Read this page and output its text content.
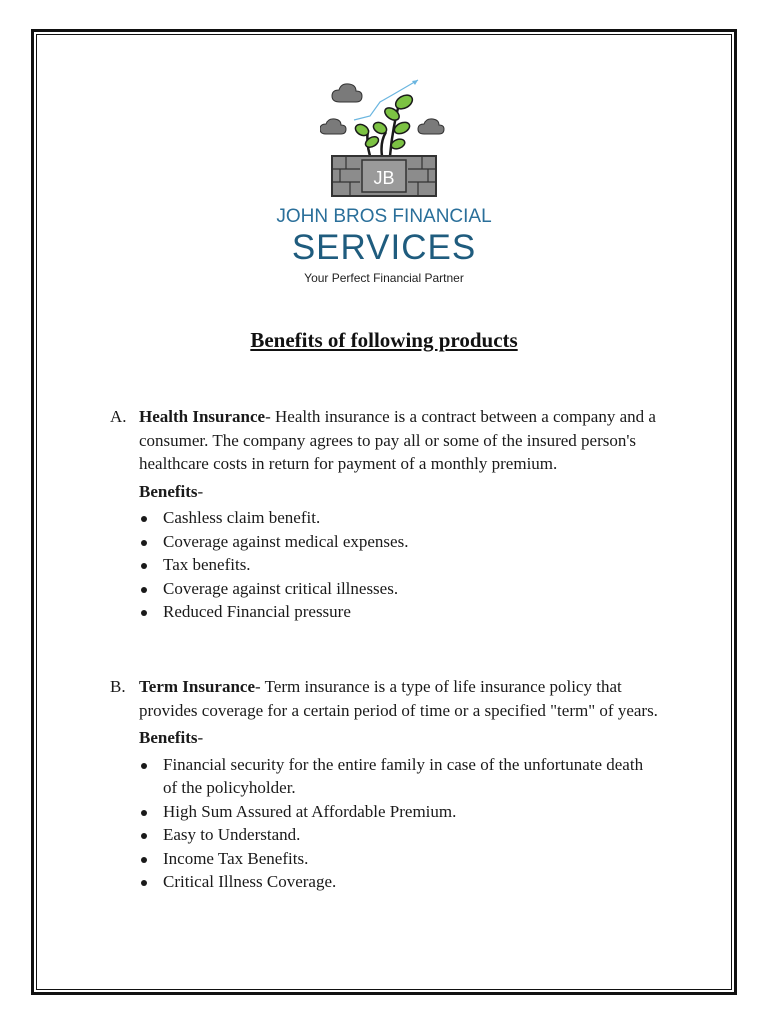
JB
JOHN BROS FINANCIAL
SERVICES
Your Perfect Financial Partner
Benefits of following products
A. Health Insurance- Health insurance is a contract between a company and a consumer. The company agrees to pay all or some of the insured person's healthcare costs in return for payment of a monthly premium.
Benefits-
Cashless claim benefit.
Coverage against medical expenses.
Tax benefits.
Coverage against critical illnesses.
Reduced Financial pressure
B. Term Insurance- Term insurance is a type of life insurance policy that provides coverage for a certain period of time or a specified "term" of years.
Benefits-
Financial security for the entire family in case of the unfortunate death of the policyholder.
High Sum Assured at Affordable Premium.
Easy to Understand.
Income Tax Benefits.
Critical Illness Coverage.
